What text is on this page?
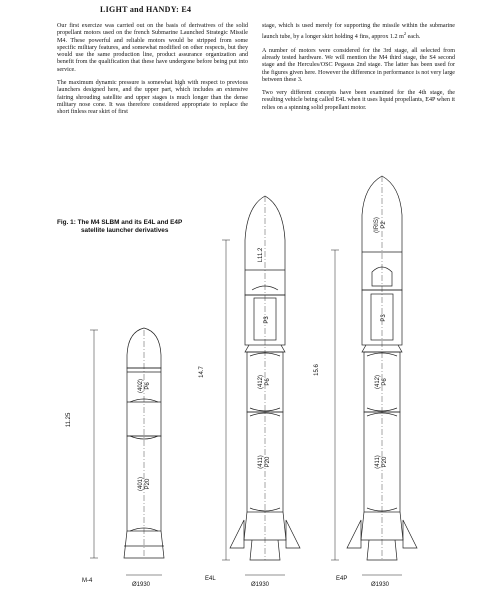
LIGHT and HANDY: E4

Our first exercize was carried out on the basis of derivatives of the solid propellant motors used on the french Submarine Launched Strategic Missile M4. These powerful and reliable motors would be stripped from some specific military features, and somewhat modified on other respects, but they would use the same production line, product assurance organization and benefit from the qualification that these have undergone before being put into service.

The maximum dynamic pressure is somewhat high with respect to previous launchers designed here, and the upper part, which includes an extensive fairing shrouding satellite and upper stages is much longer than the dense military nose cone. It was therefore considered appropriate to replace the short finless rear skirt of first

stage, which is used merely for supporting the missile within the submarine launch tube, by a longer skirt holding 4 fins, approx 1.2 $m^2$ each.

A number of motors were considered for the 3rd stage, all selected from already tested hardware. We will mention the M4 third stage, the S4 second stage and the Hercules/OSC Pegasus 2nd stage. The latter has been used for the figures given here. However the difference in performance is not very large between these 3.

Two very different concepts have been examined for the 4th stage, the resulting vehicle being called E4L when it uses liquid propellants, E4P when it relies on a spinning solid propellant motor.

Fig. 1: The M4 SLBM and its E4L and E4P
satellite launcher derivatives
11.25
(402) P6
(401) P20
M-4
Ø1930
14.7
L11.2
P3
(412) P6
(411) P20
E4L
Ø1930
15.6
(IRIS) P2
P3
(412) P6
(411) P20
E4P
Ø1930
